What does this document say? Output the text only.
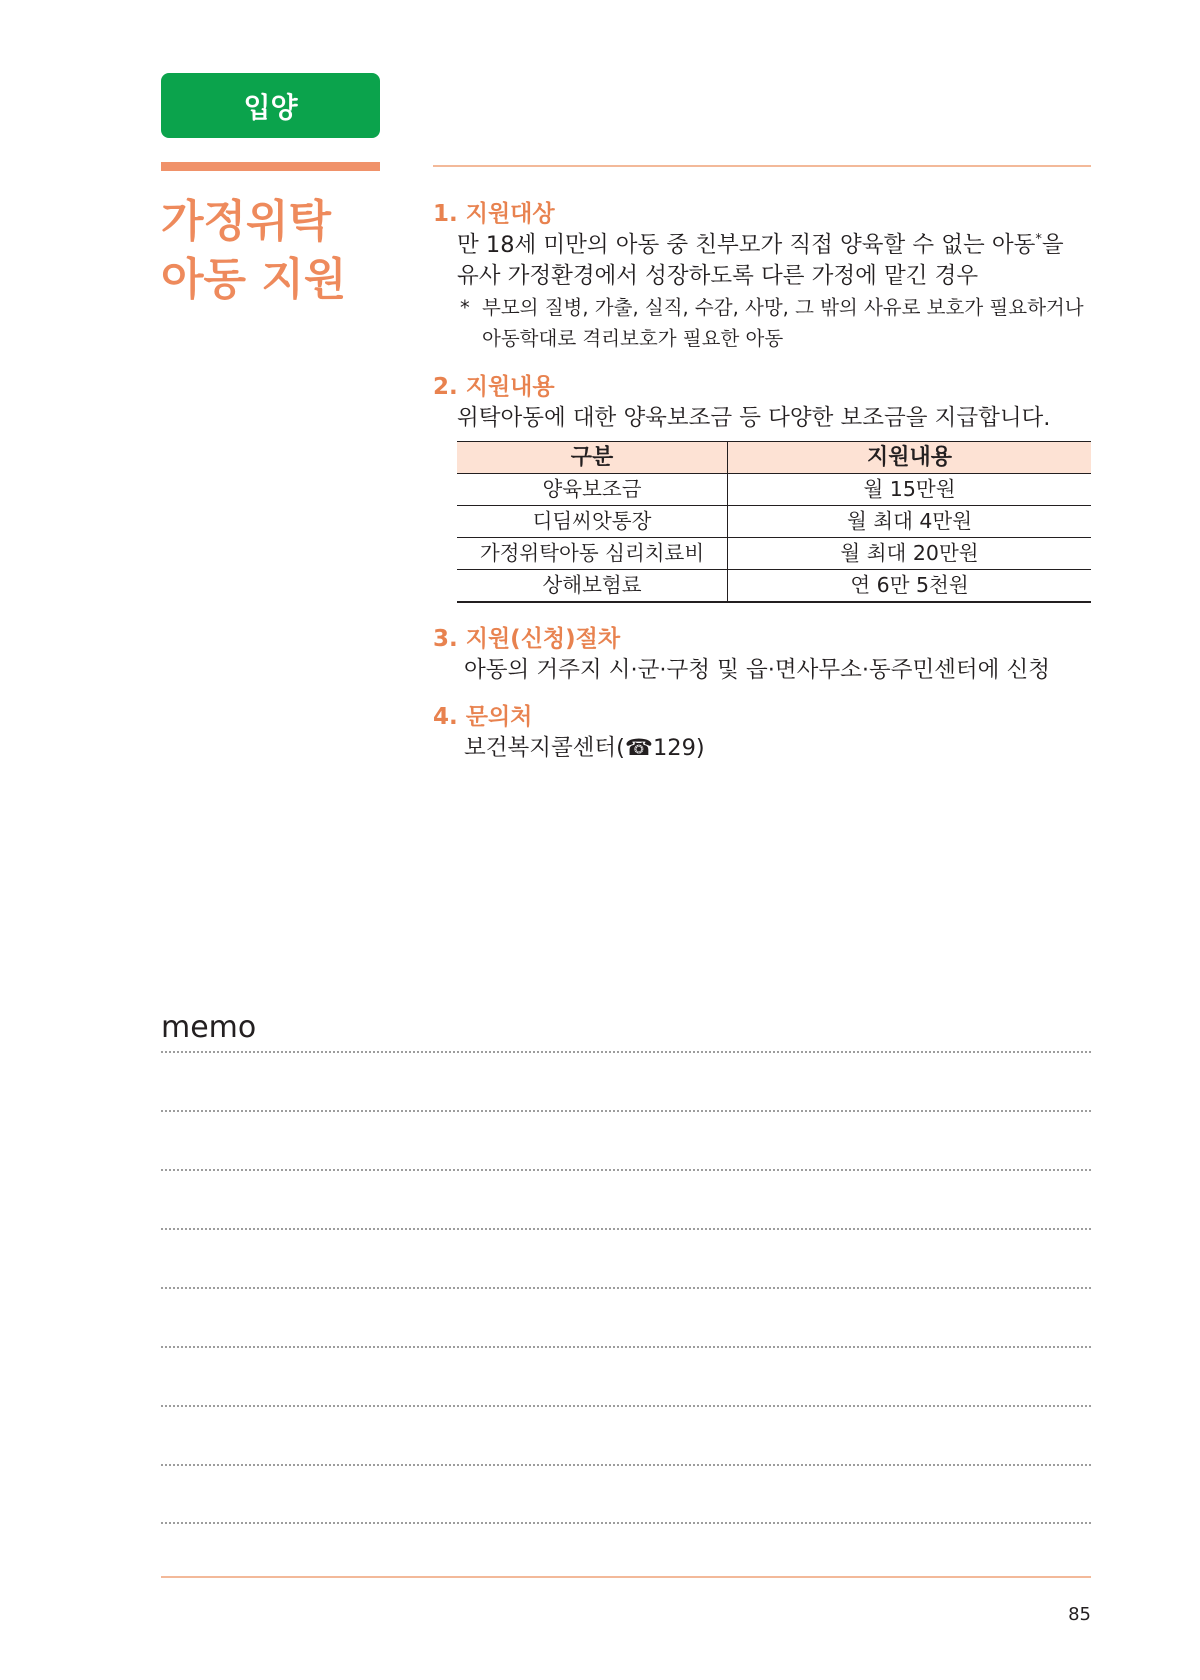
입양
가정위탁
아동 지원
1. 지원대상
만 18세 미만의 아동 중 친부모가 직접 양육할 수 없는 아동*을
유사 가정환경에서 성장하도록 다른 가정에 맡긴 경우
* 부모의 질병, 가출, 실직, 수감, 사망, 그 밖의 사유로 보호가 필요하거나
아동학대로 격리보호가 필요한 아동
2. 지원내용
위탁아동에 대한 양육보조금 등 다양한 보조금을 지급합니다.
구분	지원내용
양육보조금	월 15만원
디딤씨앗통장	월 최대 4만원
가정위탁아동 심리치료비	월 최대 20만원
상해보험료	연 6만 5천원
3. 지원(신청)절차
아동의 거주지 시·군·구청 및 읍·면사무소·동주민센터에 신청
4. 문의처
보건복지콜센터(☎129)
memo
85
